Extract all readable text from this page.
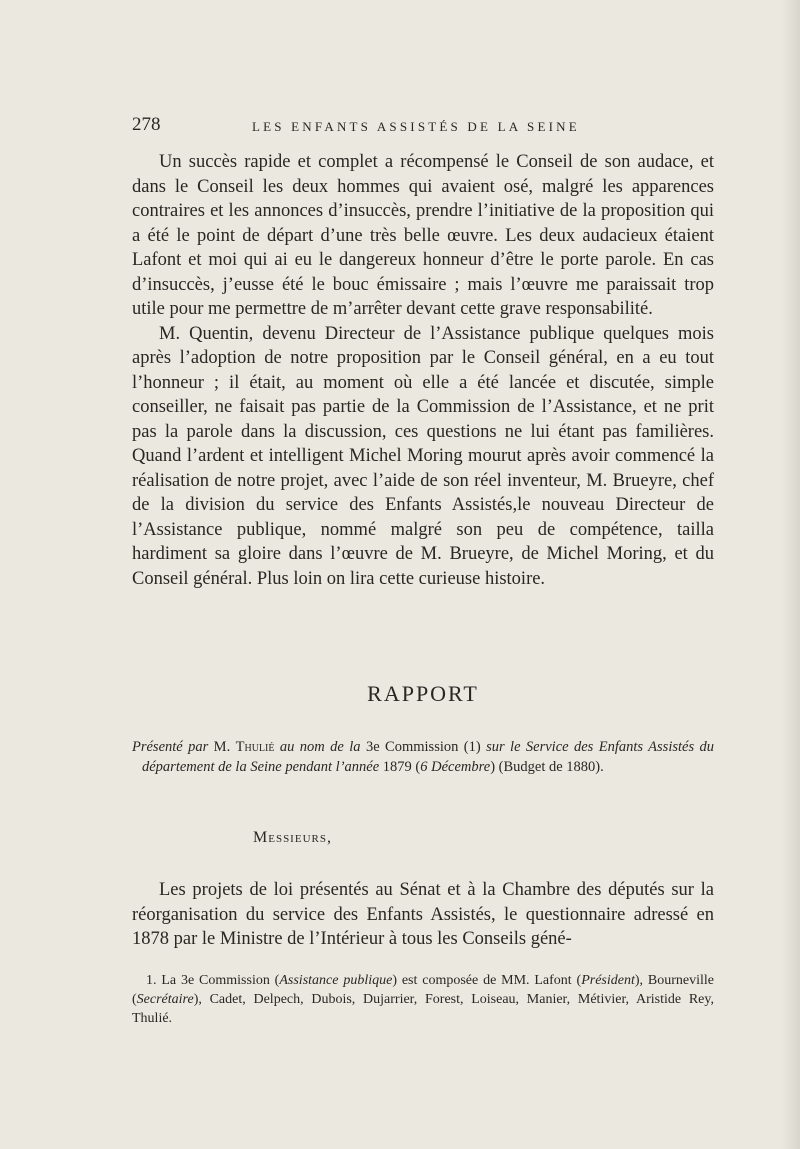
278	LES ENFANTS ASSISTÉS DE LA SEINE

Un succès rapide et complet a récompensé le Conseil de son audace, et dans le Conseil les deux hommes qui avaient osé, malgré les apparences contraires et les annonces d’insuccès, prendre l’initiative de la proposition qui a été le point de départ d’une très belle œuvre. Les deux audacieux étaient Lafont et moi qui ai eu le dangereux honneur d’être le porte parole. En cas d’insuccès, j’eusse été le bouc émissaire ; mais l’œuvre me paraissait trop utile pour me permettre de m’arrêter devant cette grave responsabilité.

M. Quentin, devenu Directeur de l’Assistance publique quelques mois après l’adoption de notre proposition par le Conseil général, en a eu tout l’honneur ; il était, au moment où elle a été lancée et discutée, simple conseiller, ne faisait pas partie de la Commission de l’Assistance, et ne prit pas la parole dans la discussion, ces questions ne lui étant pas familières. Quand l’ardent et intelligent Michel Moring mourut après avoir commencé la réalisation de notre projet, avec l’aide de son réel inventeur, M. Brueyre, chef de la division du service des Enfants Assistés,le nouveau Directeur de l’Assistance publique, nommé malgré son peu de compétence, tailla hardiment sa gloire dans l’œuvre de M. Brueyre, de Michel Moring, et du Conseil général. Plus loin on lira cette curieuse histoire.

RAPPORT
Présenté par M. Thulié au nom de la 3e Commission (1) sur le Service des Enfants Assistés du département de la Seine pendant l’année 1879 (6 Décembre) (Budget de 1880).
Messieurs,

Les projets de loi présentés au Sénat et à la Chambre des députés sur la réorganisation du service des Enfants Assistés, le questionnaire adressé en 1878 par le Ministre de l’Intérieur à tous les Conseils géné-

1. La 3e Commission (Assistance publique) est composée de MM. Lafont (Président), Bourneville (Secrétaire), Cadet, Delpech, Dubois, Dujarrier, Forest, Loiseau, Manier, Métivier, Aristide Rey, Thulié.
